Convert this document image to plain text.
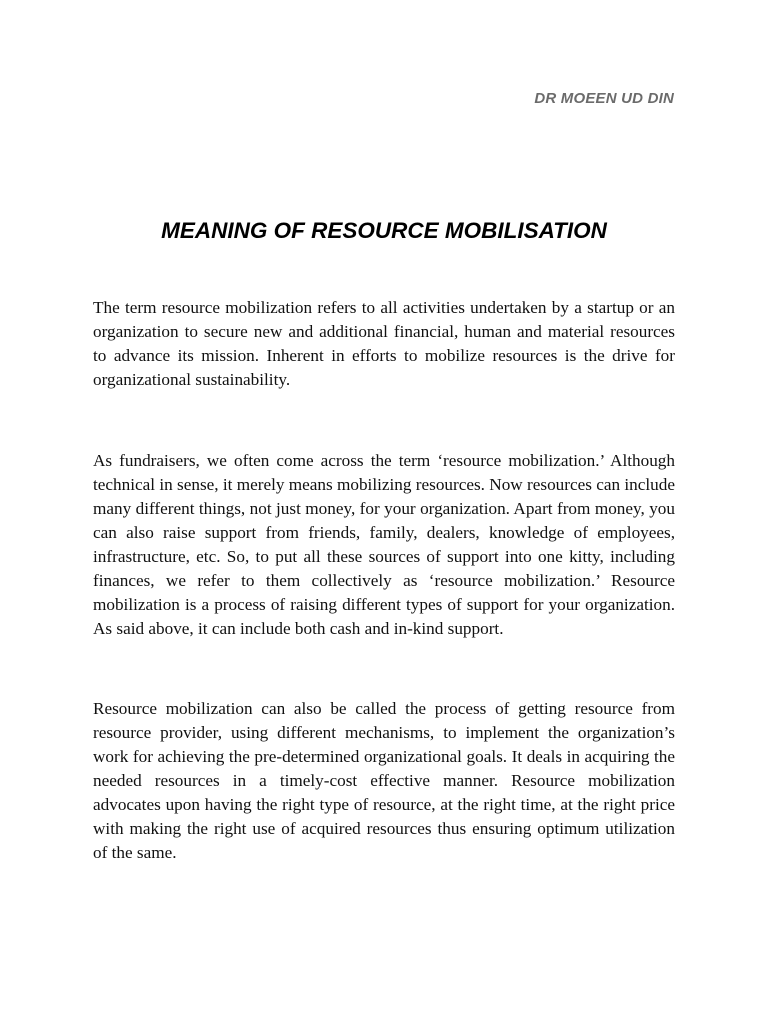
DR MOEEN UD DIN
MEANING OF RESOURCE MOBILISATION
The term resource mobilization refers to all activities undertaken by a startup or an organization to secure new and additional financial, human and material resources to advance its mission. Inherent in efforts to mobilize resources is the drive for organizational sustainability.
As fundraisers, we often come across the term ‘resource mobilization.’ Although technical in sense, it merely means mobilizing resources. Now resources can include many different things, not just money, for your organization. Apart from money, you can also raise support from friends, family, dealers, knowledge of employees, infrastructure, etc. So, to put all these sources of support into one kitty, including finances, we refer to them collectively as ‘resource mobilization.’ Resource mobilization is a process of raising different types of support for your organization. As said above, it can include both cash and in-kind support.
Resource mobilization can also be called the process of getting resource from resource provider, using different mechanisms, to implement the organization’s work for achieving the pre-determined organizational goals. It deals in acquiring the needed resources in a timely-cost effective manner. Resource mobilization advocates upon having the right type of resource, at the right time, at the right price with making the right use of acquired resources thus ensuring optimum utilization of the same.
